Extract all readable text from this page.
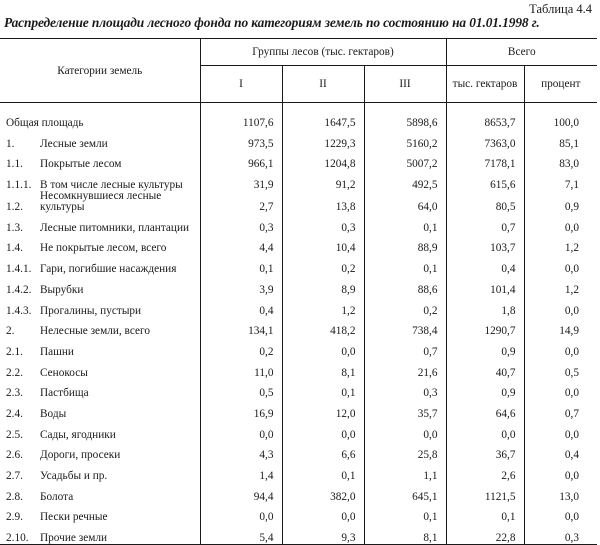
Таблица 4.4
Распределение площади лесного фонда по категориям земель по состоянию на 01.01.1998 г.
Категории земель	Группы лесов (тыс. гектаров)			Всего	
	I	II	III	тыс. гектаров	процент
Общая площадь	1107,6	1647,5	5898,6	8653,7	100,0
1. Лесные земли	973,5	1229,3	5160,2	7363,0	85,1
1.1. Покрытые лесом	966,1	1204,8	5007,2	7178,1	83,0
1.1.1. В том числе лесные культуры	31,9	91,2	492,5	615,6	7,1
1.2.Несомкнувшиеся лесные культуры	2,7	13,8	64,0	80,5	0,9
1.3. Лесные питомники, плантации	0,3	0,3	0,1	0,7	0,0
1.4. Не покрытые лесом, всего	4,4	10,4	88,9	103,7	1,2
1.4.1. Гари, погибшие насаждения	0,1	0,2	0,1	0,4	0,0
1.4.2. Вырубки	3,9	8,9	88,6	101,4	1,2
1.4.3. Прогалины, пустыри	0,4	1,2	0,2	1,8	0,0
2. Нелесные земли, всего	134,1	418,2	738,4	1290,7	14,9
2.1. Пашни	0,2	0,0	0,7	0,9	0,0
2.2. Сенокосы	11,0	8,1	21,6	40,7	0,5
2.3. Пастбища	0,5	0,1	0,3	0,9	0,0
2.4. Воды	16,9	12,0	35,7	64,6	0,7
2.5. Сады, ягодники	0,0	0,0	0,0	0,0	0,0
2.6. Дороги, просеки	4,3	6,6	25,8	36,7	0,4
2.7. Усадьбы и пр.	1,4	0,1	1,1	2,6	0,0
2.8. Болота	94,4	382,0	645,1	1121,5	13,0
2.9. Пески речные	0,0	0,0	0,1	0,1	0,0
2.10. Прочие земли	5,4	9,3	8,1	22,8	0,3
